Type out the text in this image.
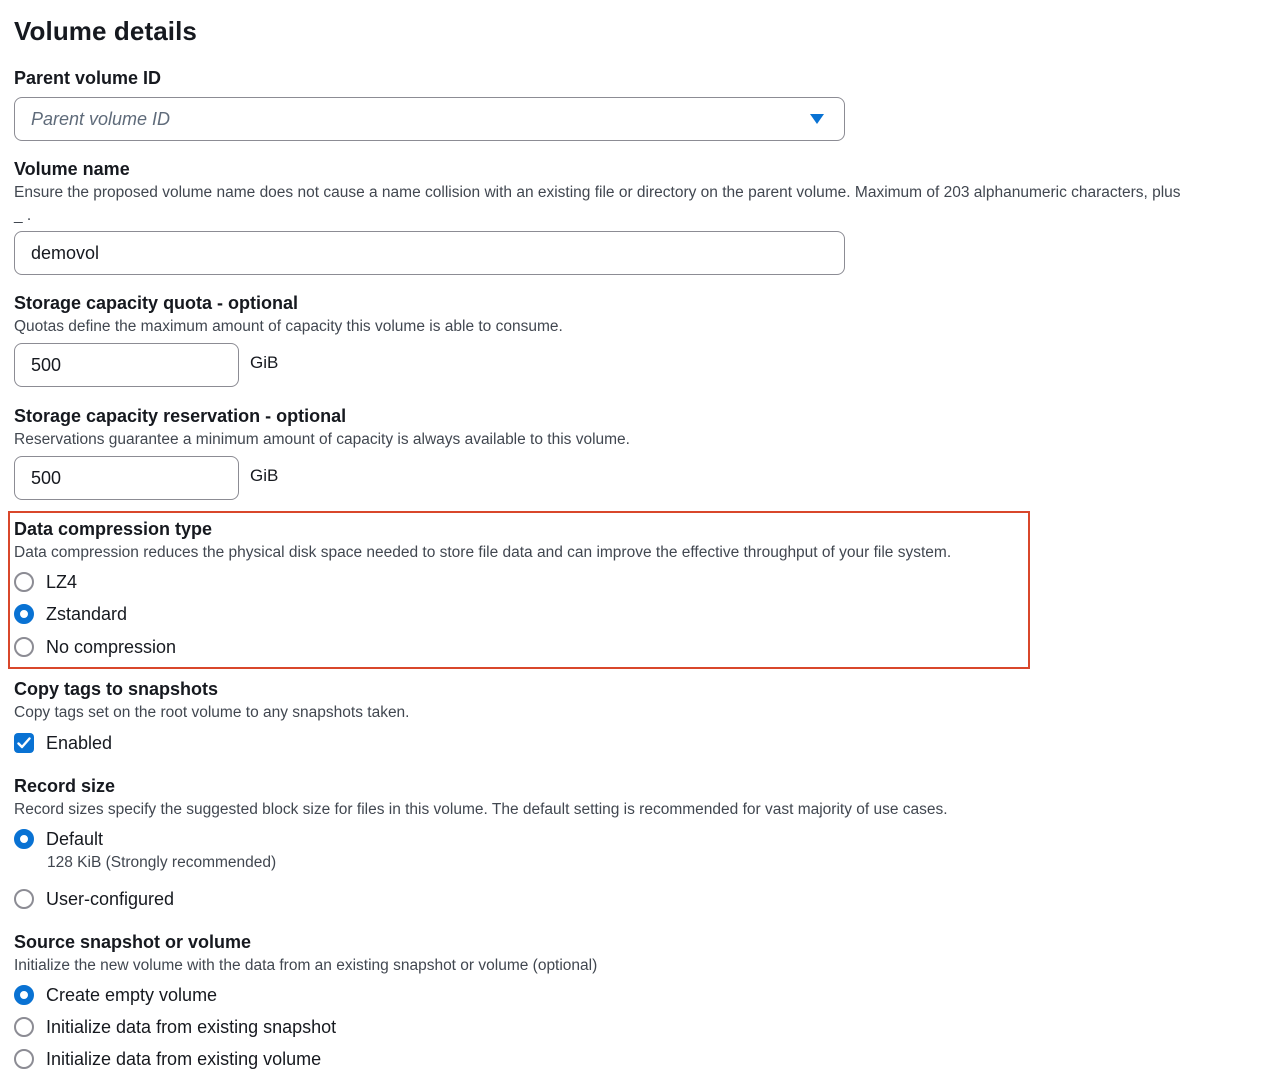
Volume details
Parent volume ID
Parent volume ID
Volume name
Ensure the proposed volume name does not cause a name collision with an existing file or directory on the parent volume. Maximum of 203 alphanumeric characters, plus
_ .
demovol
Storage capacity quota - optional
Quotas define the maximum amount of capacity this volume is able to consume.
500	GiB
Storage capacity reservation - optional
Reservations guarantee a minimum amount of capacity is always available to this volume.
500	GiB
Data compression type
Data compression reduces the physical disk space needed to store file data and can improve the effective throughput of your file system.
LZ4
Zstandard
No compression
Copy tags to snapshots
Copy tags set on the root volume to any snapshots taken.
Enabled
Record size
Record sizes specify the suggested block size for files in this volume. The default setting is recommended for vast majority of use cases.
Default
128 KiB (Strongly recommended)
User-configured
Source snapshot or volume
Initialize the new volume with the data from an existing snapshot or volume (optional)
Create empty volume
Initialize data from existing snapshot
Initialize data from existing volume
